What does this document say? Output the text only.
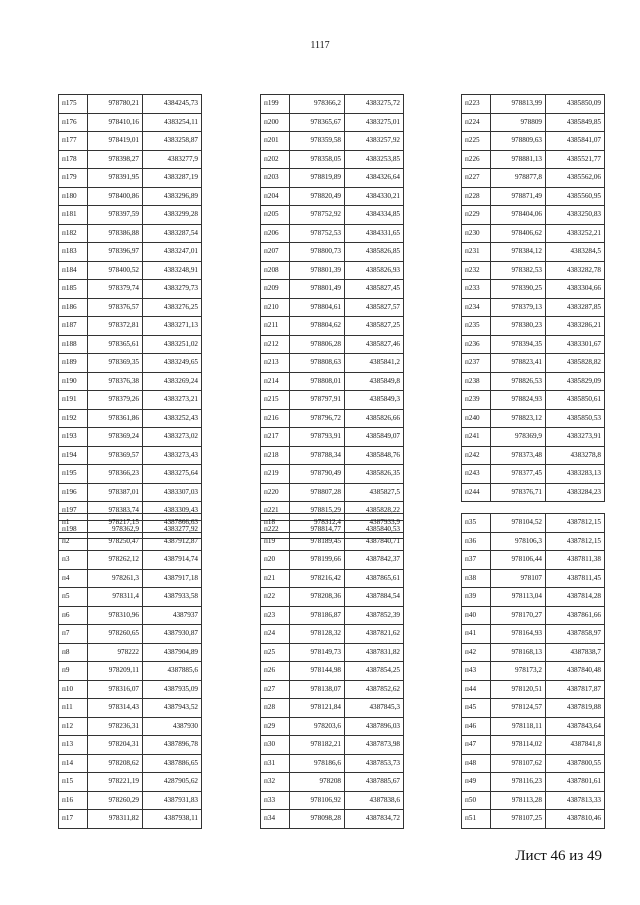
1117
п175	978780,21	4384245,73
п176	978410,16	4383254,11
п177	978419,01	4383258,87
п178	978398,27	4383277,9
п179	978391,95	4383287,19
п180	978400,86	4383296,89
п181	978397,59	4383299,28
п182	978386,88	4383287,54
п183	978396,97	4383247,01
п184	978400,52	4383248,91
п185	978379,74	4383279,73
п186	978376,57	4383276,25
п187	978372,81	4383271,13
п188	978365,61	4383251,02
п189	978369,35	4383249,65
п190	978376,38	4383269,24
п191	978379,26	4383273,21
п192	978361,86	4383252,43
п193	978369,24	4383273,02
п194	978369,57	4383273,43
п195	978366,23	4383275,64
п196	978387,01	4383307,03
п197	978383,74	4383309,43
п198	978362,9	4383277,92
п199	978366,2	4383275,72
п200	978365,67	4383275,01
п201	978359,58	4383257,92
п202	978358,05	4383253,85
п203	978819,89	4384326,64
п204	978820,49	4384330,21
п205	978752,92	4384334,85
п206	978752,53	4384331,65
п207	978800,73	4385826,85
п208	978801,39	4385826,93
п209	978801,49	4385827,45
п210	978804,61	4385827,57
п211	978804,62	4385827,25
п212	978806,28	4385827,46
п213	978808,63	4385841,2
п214	978808,01	4385849,8
п215	978797,91	4385849,3
п216	978796,72	4385826,66
п217	978793,91	4385849,07
п218	978788,34	4385848,76
п219	978790,49	4385826,35
п220	978807,28	4385827,5
п221	978815,29	4385828,22
п222	978814,77	4385840,53
п223	978813,99	4385850,09
п224	978809	4385849,85
п225	978809,63	4385841,07
п226	978881,13	4385521,77
п227	978877,8	4385562,06
п228	978871,49	4385560,95
п229	978404,06	4383250,83
п230	978406,62	4383252,21
п231	978384,12	4383284,5
п232	978382,53	4383282,78
п233	978390,25	4383304,66
п234	978379,13	4383287,85
п235	978380,23	4383286,21
п236	978394,35	4383301,67
п237	978823,41	4385828,82
п238	978826,53	4385829,09
п239	978824,93	4385850,61
п240	978823,12	4385850,53
п241	978369,9	4383273,91
п242	978373,48	4383278,8
п243	978377,45	4383283,13
п244	978376,71	4383284,23
п1	978217,15	4387866,63
п2	978250,47	4387912,87
п3	978262,12	4387914,74
п4	978261,3	4387917,18
п5	978311,4	4387933,58
п6	978310,96	4387937
п7	978260,65	4387930,87
п8	978222	4387904,89
п9	978209,11	4387885,6
п10	978316,07	4387935,09
п11	978314,43	4387943,52
п12	978236,31	4387930
п13	978204,31	4387896,78
п14	978208,62	4387886,65
п15	978221,19	4287905,62
п16	978260,29	4387931,83
п17	978311,82	4387938,11
п18	978312,4	4387933,9
п19	978189,45	4387840,71
п20	978199,66	4387842,37
п21	978216,42	4387865,61
п22	978208,36	4387884,54
п23	978186,87	4387852,39
п24	978128,32	4387821,62
п25	978149,73	4387831,82
п26	978144,98	4387854,25
п27	978138,07	4387852,62
п28	978121,84	4387845,3
п29	978203,6	4387896,03
п30	978182,21	4387873,98
п31	978186,6	4387853,73
п32	978208	4387885,67
п33	978106,92	4387838,6
п34	978098,28	4387834,72
п35	978104,52	4387812,15
п36	978106,3	4387812,15
п37	978106,44	4387811,38
п38	978107	4387811,45
п39	978113,04	4387814,28
п40	978170,27	4387861,66
п41	978164,93	4387858,97
п42	978168,13	4387838,7
п43	978173,2	4387840,48
п44	978120,51	4387817,87
п45	978124,57	4387819,88
п46	978118,11	4387843,64
п47	978114,02	4387841,8
п48	978107,62	4387800,55
п49	978116,23	4387801,61
п50	978113,28	4387813,33
п51	978107,25	4387810,46
Лист 46 из 49
